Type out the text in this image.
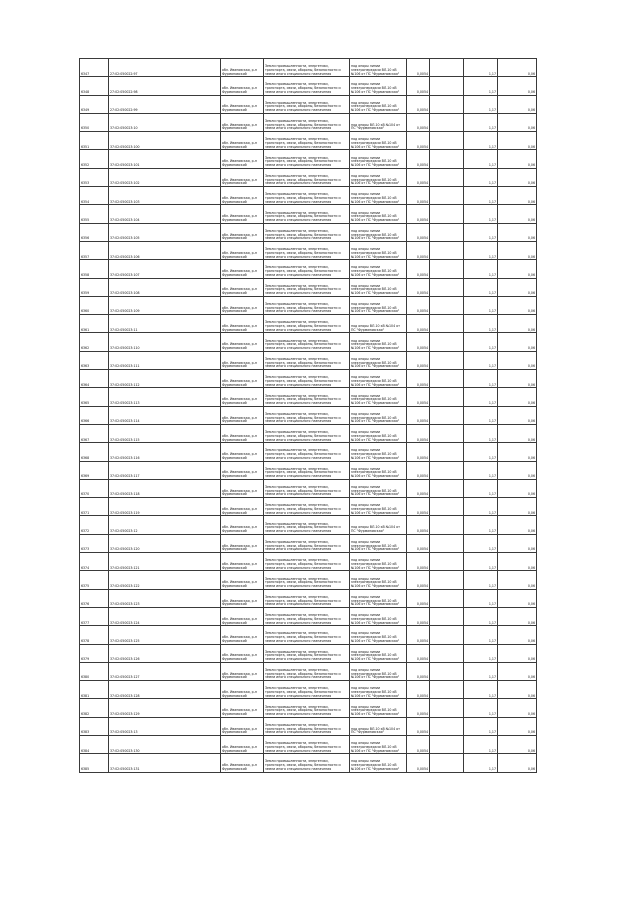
6347	27:02:050022:97	обл. Ивановская, р-н Фурмановский	Земли промышленности, энергетики, транспорта, связи, обороны, безопасности и земли иного специального назначения	под опоры линии электропередачи ВЛ-10 кВ №106 от ПС "Фурмановская"	0,0054		1,17	0,06

6348	27:02:050022:98	обл. Ивановская, р-н Фурмановский	Земли промышленности, энергетики, транспорта, связи, обороны, безопасности и земли иного специального назначения	под опоры линии электропередачи ВЛ-10 кВ №106 от ПС "Фурмановская"	0,0054		1,17	0,06

6349	27:02:050022:99	обл. Ивановская, р-н Фурмановский	Земли промышленности, энергетики, транспорта, связи, обороны, безопасности и земли иного специального назначения	под опоры линии электропередачи ВЛ-10 кВ №106 от ПС "Фурмановская"	0,0054		1,17	0,06

6350	37:02:050023:10	обл. Ивановская, р-н Фурмановский	Земли промышленности, энергетики, транспорта, связи, обороны, безопасности и земли иного специального назначения	под опоры ВЛ-10 кВ №104 от ПС "Фурмановская"	0,0054		1,17	0,06

6351	37:02:050023:100	обл. Ивановская, р-н Фурмановский	Земли промышленности, энергетики, транспорта, связи, обороны, безопасности и земли иного специального назначения	под опоры линии электропередачи ВЛ-10 кВ №106 от ПС "Фурмановская"	0,0054		1,17	0,06

6352	37:02:050023:101	обл. Ивановская, р-н Фурмановский	Земли промышленности, энергетики, транспорта, связи, обороны, безопасности и земли иного специального назначения	под опоры линии электропередачи ВЛ-10 кВ №106 от ПС "Фурмановская"	0,0054		1,17	0,06

6353	37:02:050023:102	обл. Ивановская, р-н Фурмановский	Земли промышленности, энергетики, транспорта, связи, обороны, безопасности и земли иного специального назначения	под опоры линии электропередачи ВЛ-10 кВ №106 от ПС "Фурмановская"	0,0054		1,17	0,06

6354	37:02:050023:103	обл. Ивановская, р-н Фурмановский	Земли промышленности, энергетики, транспорта, связи, обороны, безопасности и земли иного специального назначения	под опоры линии электропередачи ВЛ-10 кВ №106 от ПС "Фурмановская"	0,0054		1,17	0,06

6355	37:02:050023:104	обл. Ивановская, р-н Фурмановский	Земли промышленности, энергетики, транспорта, связи, обороны, безопасности и земли иного специального назначения	под опоры линии электропередачи ВЛ-10 кВ №106 от ПС "Фурмановская"	0,0054		1,17	0,06

6356	37:02:050023:105	обл. Ивановская, р-н Фурмановский	Земли промышленности, энергетики, транспорта, связи, обороны, безопасности и земли иного специального назначения	под опоры линии электропередачи ВЛ-10 кВ №106 от ПС "Фурмановская"	0,0054		1,17	0,06

6357	37:02:050023:106	обл. Ивановская, р-н Фурмановский	Земли промышленности, энергетики, транспорта, связи, обороны, безопасности и земли иного специального назначения	под опоры линии электропередачи ВЛ-10 кВ №106 от ПС "Фурмановская"	0,0054		1,17	0,06

6358	37:02:050023:107	обл. Ивановская, р-н Фурмановский	Земли промышленности, энергетики, транспорта, связи, обороны, безопасности и земли иного специального назначения	под опоры линии электропередачи ВЛ-10 кВ №106 от ПС "Фурмановская"	0,0054		1,17	0,06

6359	37:02:050023:108	обл. Ивановская, р-н Фурмановский	Земли промышленности, энергетики, транспорта, связи, обороны, безопасности и земли иного специального назначения	под опоры линии электропередачи ВЛ-10 кВ №106 от ПС "Фурмановская"	0,0054		1,17	0,06

6360	37:02:050023:109	обл. Ивановская, р-н Фурмановский	Земли промышленности, энергетики, транспорта, связи, обороны, безопасности и земли иного специального назначения	под опоры линии электропередачи ВЛ-10 кВ №106 от ПС "Фурмановская"	0,0054		1,17	0,06

6361	37:02:050023:11	обл. Ивановская, р-н Фурмановский	Земли промышленности, энергетики, транспорта, связи, обороны, безопасности и земли иного специального назначения	под опоры ВЛ-10 кВ №104 от ПС "Фурмановская"	0,0054		1,17	0,06

6362	37:02:050023:110	обл. Ивановская, р-н Фурмановский	Земли промышленности, энергетики, транспорта, связи, обороны, безопасности и земли иного специального назначения	под опоры линии электропередачи ВЛ-10 кВ №106 от ПС "Фурмановская"	0,0054		1,17	0,06

6363	37:02:050023:111	обл. Ивановская, р-н Фурмановский	Земли промышленности, энергетики, транспорта, связи, обороны, безопасности и земли иного специального назначения	под опоры линии электропередачи ВЛ-10 кВ №106 от ПС "Фурмановская"	0,0054		1,17	0,06

6364	37:02:050023:112	обл. Ивановская, р-н Фурмановский	Земли промышленности, энергетики, транспорта, связи, обороны, безопасности и земли иного специального назначения	под опоры линии электропередачи ВЛ-10 кВ №106 от ПС "Фурмановская"	0,0054		1,17	0,06

6365	37:02:050023:113	обл. Ивановская, р-н Фурмановский	Земли промышленности, энергетики, транспорта, связи, обороны, безопасности и земли иного специального назначения	под опоры линии электропередачи ВЛ-10 кВ №106 от ПС "Фурмановская"	0,0054		1,17	0,06

6366	37:02:050023:114	обл. Ивановская, р-н Фурмановский	Земли промышленности, энергетики, транспорта, связи, обороны, безопасности и земли иного специального назначения	под опоры линии электропередачи ВЛ-10 кВ №106 от ПС "Фурмановская"	0,0054		1,17	0,06

6367	37:02:050023:115	обл. Ивановская, р-н Фурмановский	Земли промышленности, энергетики, транспорта, связи, обороны, безопасности и земли иного специального назначения	под опоры линии электропередачи ВЛ-10 кВ №106 от ПС "Фурмановская"	0,0054		1,17	0,06

6368	37:02:050023:116	обл. Ивановская, р-н Фурмановский	Земли промышленности, энергетики, транспорта, связи, обороны, безопасности и земли иного специального назначения	под опоры линии электропередачи ВЛ-10 кВ №106 от ПС "Фурмановская"	0,0054		1,17	0,06

6369	37:02:050023:117	обл. Ивановская, р-н Фурмановский	Земли промышленности, энергетики, транспорта, связи, обороны, безопасности и земли иного специального назначения	под опоры линии электропередачи ВЛ-10 кВ №106 от ПС "Фурмановская"	0,0054		1,17	0,06

6370	37:02:050023:118	обл. Ивановская, р-н Фурмановский	Земли промышленности, энергетики, транспорта, связи, обороны, безопасности и земли иного специального назначения	под опоры линии электропередачи ВЛ-10 кВ №106 от ПС "Фурмановская"	0,0054		1,17	0,06

6371	37:02:050023:119	обл. Ивановская, р-н Фурмановский	Земли промышленности, энергетики, транспорта, связи, обороны, безопасности и земли иного специального назначения	под опоры линии электропередачи ВЛ-10 кВ №106 от ПС "Фурмановская"	0,0054		1,17	0,06

6372	37:02:050023:12	обл. Ивановская, р-н Фурмановский	Земли промышленности, энергетики, транспорта, связи, обороны, безопасности и земли иного специального назначения	под опоры ВЛ-10 кВ №104 от ПС "Фурмановская"	0,0054		1,17	0,06

6373	37:02:050023:120	обл. Ивановская, р-н Фурмановский	Земли промышленности, энергетики, транспорта, связи, обороны, безопасности и земли иного специального назначения	под опоры линии электропередачи ВЛ-10 кВ №106 от ПС "Фурмановская"	0,0054		1,17	0,06

6374	37:02:050023:121	обл. Ивановская, р-н Фурмановский	Земли промышленности, энергетики, транспорта, связи, обороны, безопасности и земли иного специального назначения	под опоры линии электропередачи ВЛ-10 кВ №106 от ПС "Фурмановская"	0,0054		1,17	0,06

6375	37:02:050023:122	обл. Ивановская, р-н Фурмановский	Земли промышленности, энергетики, транспорта, связи, обороны, безопасности и земли иного специального назначения	под опоры линии электропередачи ВЛ-10 кВ №106 от ПС "Фурмановская"	0,0054		1,17	0,06

6376	37:02:050023:123	обл. Ивановская, р-н Фурмановский	Земли промышленности, энергетики, транспорта, связи, обороны, безопасности и земли иного специального назначения	под опоры линии электропередачи ВЛ-10 кВ №106 от ПС "Фурмановская"	0,0054		1,17	0,06

6377	37:02:050023:124	обл. Ивановская, р-н Фурмановский	Земли промышленности, энергетики, транспорта, связи, обороны, безопасности и земли иного специального назначения	под опоры линии электропередачи ВЛ-10 кВ №106 от ПС "Фурмановская"	0,0054		1,17	0,06

6378	37:02:050023:125	обл. Ивановская, р-н Фурмановский	Земли промышленности, энергетики, транспорта, связи, обороны, безопасности и земли иного специального назначения	под опоры линии электропередачи ВЛ-10 кВ №106 от ПС "Фурмановская"	0,0054		1,17	0,06

6379	37:02:050023:126	обл. Ивановская, р-н Фурмановский	Земли промышленности, энергетики, транспорта, связи, обороны, безопасности и земли иного специального назначения	под опоры линии электропередачи ВЛ-10 кВ №106 от ПС "Фурмановская"	0,0054		1,17	0,06

6380	37:02:050023:127	обл. Ивановская, р-н Фурмановский	Земли промышленности, энергетики, транспорта, связи, обороны, безопасности и земли иного специального назначения	под опоры линии электропередачи ВЛ-10 кВ №106 от ПС "Фурмановская"	0,0054		1,17	0,06

6381	37:02:050023:128	обл. Ивановская, р-н Фурмановский	Земли промышленности, энергетики, транспорта, связи, обороны, безопасности и земли иного специального назначения	под опоры линии электропередачи ВЛ-10 кВ №106 от ПС "Фурмановская"	0,0054		1,17	0,06

6382	37:02:050023:129	обл. Ивановская, р-н Фурмановский	Земли промышленности, энергетики, транспорта, связи, обороны, безопасности и земли иного специального назначения	под опоры линии электропередачи ВЛ-10 кВ №106 от ПС "Фурмановская"	0,0054		1,17	0,06

6383	37:02:050023:13	обл. Ивановская, р-н Фурмановский	Земли промышленности, энергетики, транспорта, связи, обороны, безопасности и земли иного специального назначения	под опоры ВЛ-10 кВ №104 от ПС "Фурмановская"	0,0054		1,17	0,06

6384	37:02:050023:130	обл. Ивановская, р-н Фурмановский	Земли промышленности, энергетики, транспорта, связи, обороны, безопасности и земли иного специального назначения	под опоры линии электропередачи ВЛ-10 кВ №106 от ПС "Фурмановская"	0,0054		1,17	0,06

6385	37:02:050023:131	обл. Ивановская, р-н Фурмановский	Земли промышленности, энергетики, транспорта, связи, обороны, безопасности и земли иного специального назначения	под опоры линии электропередачи ВЛ-10 кВ №106 от ПС "Фурмановская"	0,0054		1,17	0,06
